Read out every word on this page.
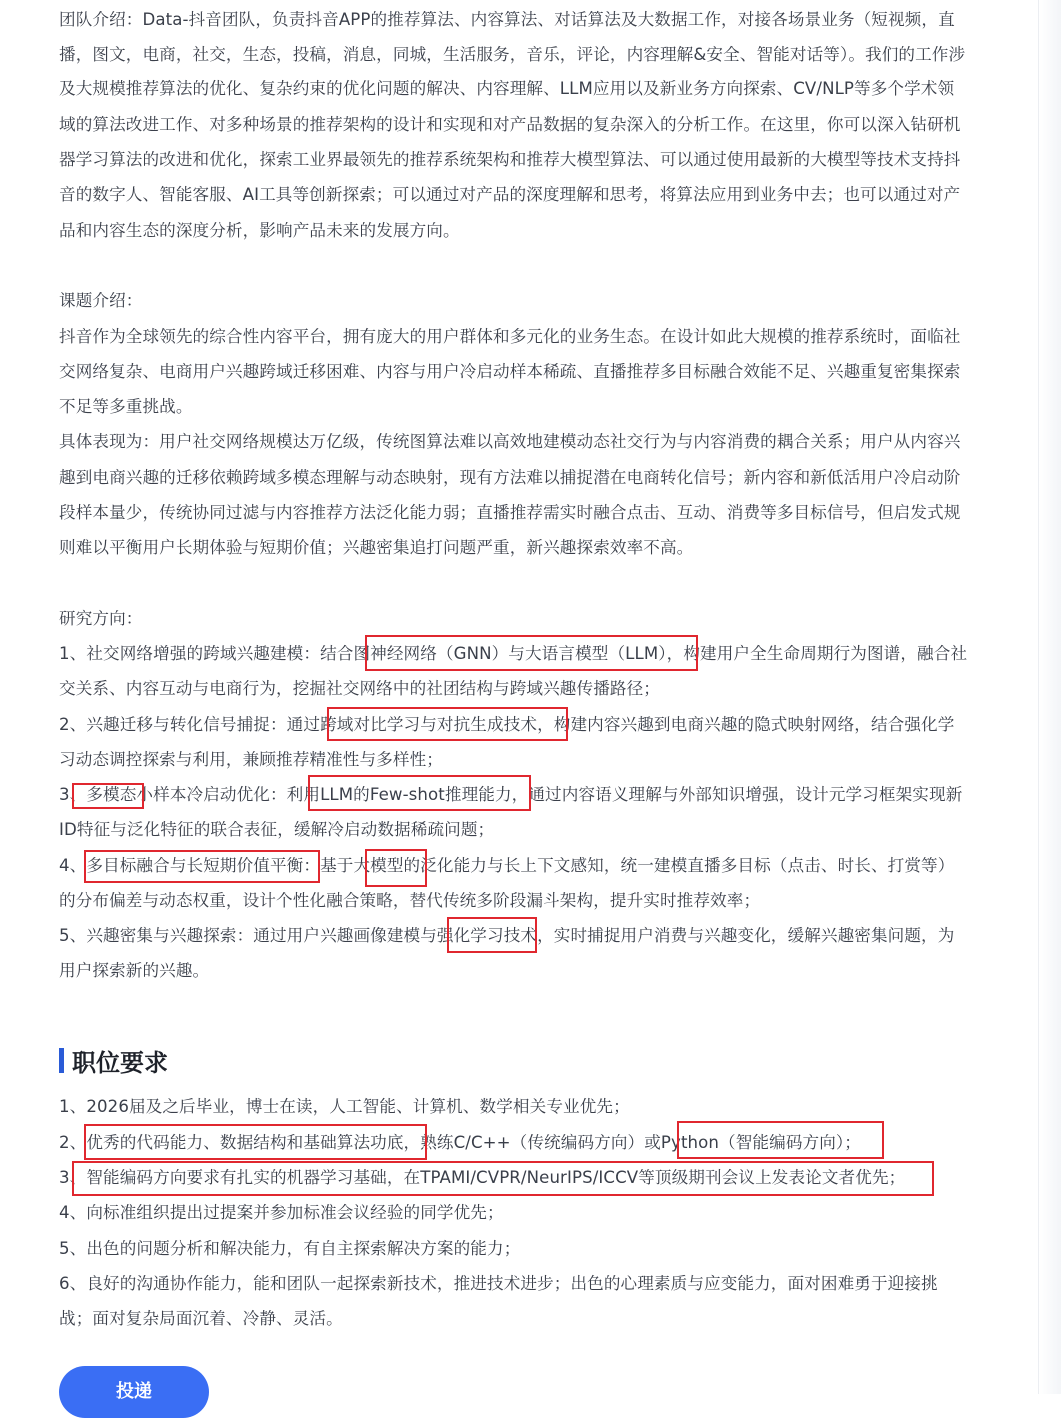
团队介绍：Data-抖音团队，负责抖音APP的推荐算法、内容算法、对话算法及大数据工作，对接各场景业务（短视频，直
播，图文，电商，社交，生态，投稿，消息，同城，生活服务，音乐，评论，内容理解&安全、智能对话等）。我们的工作涉
及大规模推荐算法的优化、复杂约束的优化问题的解决、内容理解、LLM应用以及新业务方向探索、CV/NLP等多个学术领
域的算法改进工作、对多种场景的推荐架构的设计和实现和对产品数据的复杂深入的分析工作。在这里，你可以深入钻研机
器学习算法的改进和优化，探索工业界最领先的推荐系统架构和推荐大模型算法、可以通过使用最新的大模型等技术支持抖
音的数字人、智能客服、AI工具等创新探索；可以通过对产品的深度理解和思考，将算法应用到业务中去；也可以通过对产
品和内容生态的深度分析，影响产品未来的发展方向。
课题介绍：
抖音作为全球领先的综合性内容平台，拥有庞大的用户群体和多元化的业务生态。在设计如此大规模的推荐系统时，面临社
交网络复杂、电商用户兴趣跨域迁移困难、内容与用户冷启动样本稀疏、直播推荐多目标融合效能不足、兴趣重复密集探索
不足等多重挑战。
具体表现为：用户社交网络规模达万亿级，传统图算法难以高效地建模动态社交行为与内容消费的耦合关系；用户从内容兴
趣到电商兴趣的迁移依赖跨域多模态理解与动态映射，现有方法难以捕捉潜在电商转化信号；新内容和新低活用户冷启动阶
段样本量少，传统协同过滤与内容推荐方法泛化能力弱；直播推荐需实时融合点击、互动、消费等多目标信号，但启发式规
则难以平衡用户长期体验与短期价值；兴趣密集追打问题严重，新兴趣探索效率不高。
研究方向：
1、社交网络增强的跨域兴趣建模：结合图神经网络（GNN）与大语言模型（LLM），构建用户全生命周期行为图谱，融合社
交关系、内容互动与电商行为，挖掘社交网络中的社团结构与跨域兴趣传播路径；
2、兴趣迁移与转化信号捕捉：通过跨域对比学习与对抗生成技术，构建内容兴趣到电商兴趣的隐式映射网络，结合强化学
习动态调控探索与利用，兼顾推荐精准性与多样性；
3、多模态小样本冷启动优化：利用LLM的Few-shot推理能力，通过内容语义理解与外部知识增强，设计元学习框架实现新
ID特征与泛化特征的联合表征，缓解冷启动数据稀疏问题；
4、多目标融合与长短期价值平衡：基于大模型的泛化能力与长上下文感知，统一建模直播多目标（点击、时长、打赏等）
的分布偏差与动态权重，设计个性化融合策略，替代传统多阶段漏斗架构，提升实时推荐效率；
5、兴趣密集与兴趣探索：通过用户兴趣画像建模与强化学习技术，实时捕捉用户消费与兴趣变化，缓解兴趣密集问题，为
用户探索新的兴趣。
职位要求
1、2026届及之后毕业，博士在读，人工智能、计算机、数学相关专业优先；
2、优秀的代码能力、数据结构和基础算法功底，熟练C/C++（传统编码方向）或Python（智能编码方向）；
3、智能编码方向要求有扎实的机器学习基础，在TPAMI/CVPR/NeurIPS/ICCV等顶级期刊会议上发表论文者优先；
4、向标准组织提出过提案并参加标准会议经验的同学优先；
5、出色的问题分析和解决能力，有自主探索解决方案的能力；
6、良好的沟通协作能力，能和团队一起探索新技术，推进技术进步；出色的心理素质与应变能力，面对困难勇于迎接挑
战；面对复杂局面沉着、冷静、灵活。
投递
